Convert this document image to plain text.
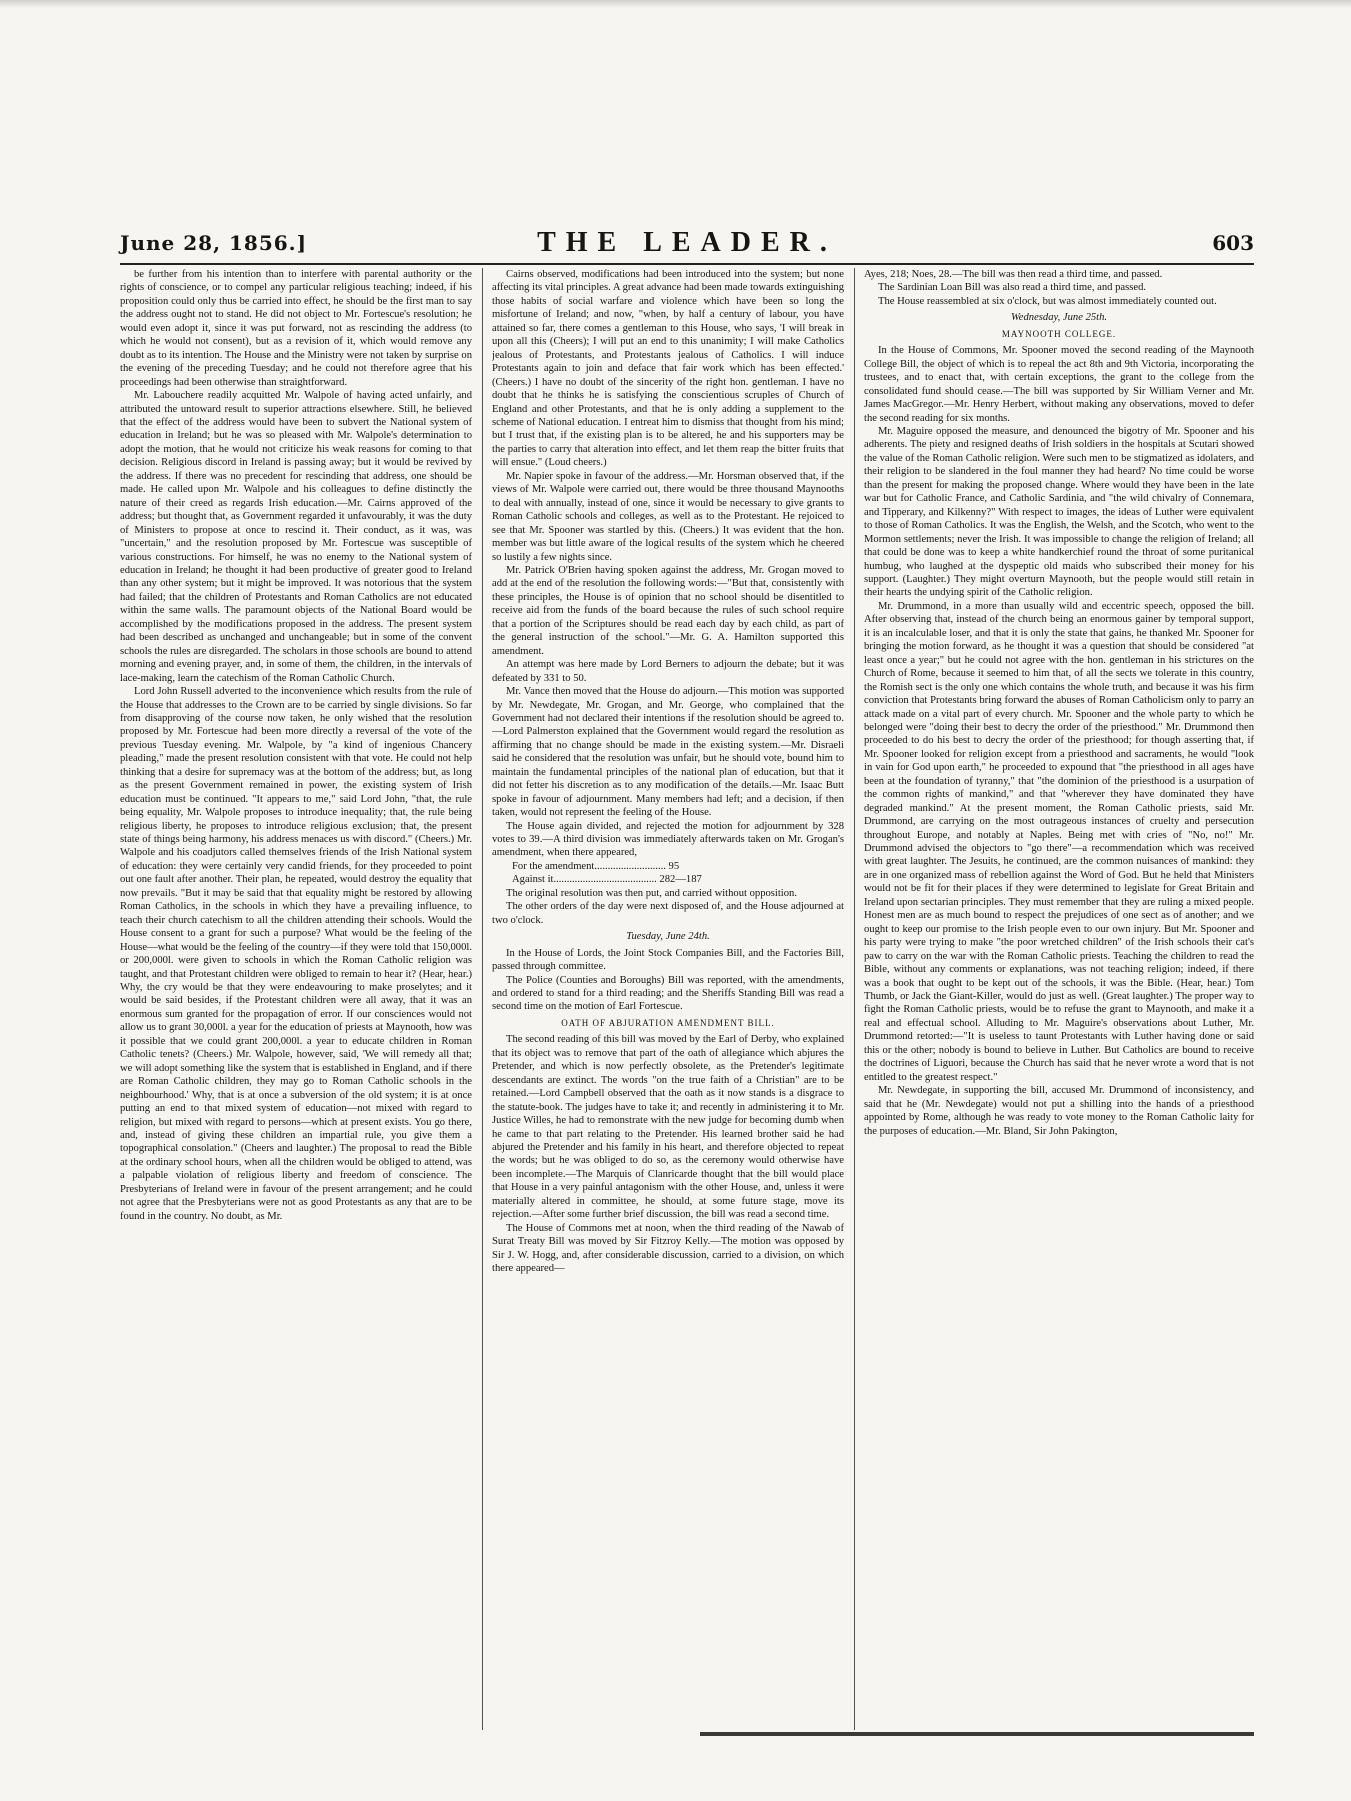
June 28, 1856.]	THE LEADER.	603

be further from his intention than to interfere with parental authority or the rights of conscience, or to compel any particular religious teaching; indeed, if his proposition could only thus be carried into effect, he should be the first man to say the address ought not to stand. He did not object to Mr. Fortescue's resolution; he would even adopt it, since it was put forward, not as rescinding the address (to which he would not consent), but as a revision of it, which would remove any doubt as to its intention. The House and the Ministry were not taken by surprise on the evening of the preceding Tuesday; and he could not therefore agree that his proceedings had been otherwise than straightforward.

Mr. Labouchere readily acquitted Mr. Walpole of having acted unfairly, and attributed the untoward result to superior attractions elsewhere. Still, he believed that the effect of the address would have been to subvert the National system of education in Ireland; but he was so pleased with Mr. Walpole's determination to adopt the motion, that he would not criticize his weak reasons for coming to that decision. Religious discord in Ireland is passing away; but it would be revived by the address. If there was no precedent for rescinding that address, one should be made. He called upon Mr. Walpole and his colleagues to define distinctly the nature of their creed as regards Irish education.—Mr. Cairns approved of the address; but thought that, as Government regarded it unfavourably, it was the duty of Ministers to propose at once to rescind it. Their conduct, as it was, was "uncertain," and the resolution proposed by Mr. Fortescue was susceptible of various constructions. For himself, he was no enemy to the National system of education in Ireland; he thought it had been productive of greater good to Ireland than any other system; but it might be improved. It was notorious that the system had failed; that the children of Protestants and Roman Catholics are not educated within the same walls. The paramount objects of the National Board would be accomplished by the modifications proposed in the address. The present system had been described as unchanged and unchangeable; but in some of the convent schools the rules are disregarded. The scholars in those schools are bound to attend morning and evening prayer, and, in some of them, the children, in the intervals of lace-making, learn the catechism of the Roman Catholic Church.

Lord John Russell adverted to the inconvenience which results from the rule of the House that addresses to the Crown are to be carried by single divisions. So far from disapproving of the course now taken, he only wished that the resolution proposed by Mr. Fortescue had been more directly a reversal of the vote of the previous Tuesday evening. Mr. Walpole, by "a kind of ingenious Chancery pleading," made the present resolution consistent with that vote. He could not help thinking that a desire for supremacy was at the bottom of the address; but, as long as the present Government remained in power, the existing system of Irish education must be continued. "It appears to me," said Lord John, "that, the rule being equality, Mr. Walpole proposes to introduce inequality; that, the rule being religious liberty, he proposes to introduce religious exclusion; that, the present state of things being harmony, his address menaces us with discord." (Cheers.) Mr. Walpole and his coadjutors called themselves friends of the Irish National system of education: they were certainly very candid friends, for they proceeded to point out one fault after another. Their plan, he repeated, would destroy the equality that now prevails. "But it may be said that that equality might be restored by allowing Roman Catholics, in the schools in which they have a prevailing influence, to teach their church catechism to all the children attending their schools. Would the House consent to a grant for such a purpose? What would be the feeling of the House—what would be the feeling of the country—if they were told that 150,000l. or 200,000l. were given to schools in which the Roman Catholic religion was taught, and that Protestant children were obliged to remain to hear it? (Hear, hear.) Why, the cry would be that they were endeavouring to make proselytes; and it would be said besides, if the Protestant children were all away, that it was an enormous sum granted for the propagation of error. If our consciences would not allow us to grant 30,000l. a year for the education of priests at Maynooth, how was it possible that we could grant 200,000l. a year to educate children in Roman Catholic tenets? (Cheers.) Mr. Walpole, however, said, 'We will remedy all that; we will adopt something like the system that is established in England, and if there are Roman Catholic children, they may go to Roman Catholic schools in the neighbourhood.' Why, that is at once a subversion of the old system; it is at once putting an end to that mixed system of education—not mixed with regard to religion, but mixed with regard to persons—which at present exists. You go there, and, instead of giving these children an impartial rule, you give them a topographical consolation." (Cheers and laughter.) The proposal to read the Bible at the ordinary school hours, when all the children would be obliged to attend, was a palpable violation of religious liberty and freedom of conscience. The Presbyterians of Ireland were in favour of the present arrangement; and he could not agree that the Presbyterians were not as good Protestants as any that are to be found in the country. No doubt, as Mr.

Cairns observed, modifications had been introduced into the system; but none affecting its vital principles. A great advance had been made towards extinguishing those habits of social warfare and violence which have been so long the misfortune of Ireland; and now, "when, by half a century of labour, you have attained so far, there comes a gentleman to this House, who says, 'I will break in upon all this (Cheers); I will put an end to this unanimity; I will make Catholics jealous of Protestants, and Protestants jealous of Catholics. I will induce Protestants again to join and deface that fair work which has been effected.' (Cheers.) I have no doubt of the sincerity of the right hon. gentleman. I have no doubt that he thinks he is satisfying the conscientious scruples of Church of England and other Protestants, and that he is only adding a supplement to the scheme of National education. I entreat him to dismiss that thought from his mind; but I trust that, if the existing plan is to be altered, he and his supporters may be the parties to carry that alteration into effect, and let them reap the bitter fruits that will ensue." (Loud cheers.)

Mr. Napier spoke in favour of the address.—Mr. Horsman observed that, if the views of Mr. Walpole were carried out, there would be three thousand Maynooths to deal with annually, instead of one, since it would be necessary to give grants to Roman Catholic schools and colleges, as well as to the Protestant. He rejoiced to see that Mr. Spooner was startled by this. (Cheers.) It was evident that the hon. member was but little aware of the logical results of the system which he cheered so lustily a few nights since.

Mr. Patrick O'Brien having spoken against the address, Mr. Grogan moved to add at the end of the resolution the following words:—"But that, consistently with these principles, the House is of opinion that no school should be disentitled to receive aid from the funds of the board because the rules of such school require that a portion of the Scriptures should be read each day by each child, as part of the general instruction of the school."—Mr. G. A. Hamilton supported this amendment.

An attempt was here made by Lord Berners to adjourn the debate; but it was defeated by 331 to 50.

Mr. Vance then moved that the House do adjourn.—This motion was supported by Mr. Newdegate, Mr. Grogan, and Mr. George, who complained that the Government had not declared their intentions if the resolution should be agreed to.—Lord Palmerston explained that the Government would regard the resolution as affirming that no change should be made in the existing system.—Mr. Disraeli said he considered that the resolution was unfair, but he should vote, bound him to maintain the fundamental principles of the national plan of education, but that it did not fetter his discretion as to any modification of the details.—Mr. Isaac Butt spoke in favour of adjournment. Many members had left; and a decision, if then taken, would not represent the feeling of the House.

The House again divided, and rejected the motion for adjournment by 328 votes to 39.—A third division was immediately afterwards taken on Mr. Grogan's amendment, when there appeared,

For the amendment........................... 95

Against it....................................... 282—187

The original resolution was then put, and carried without opposition.

The other orders of the day were next disposed of, and the House adjourned at two o'clock.

Tuesday, June 24th.

In the House of Lords, the Joint Stock Companies Bill, and the Factories Bill, passed through committee.

The Police (Counties and Boroughs) Bill was reported, with the amendments, and ordered to stand for a third reading; and the Sheriffs Standing Bill was read a second time on the motion of Earl Fortescue.

OATH OF ABJURATION AMENDMENT BILL.

The second reading of this bill was moved by the Earl of Derby, who explained that its object was to remove that part of the oath of allegiance which abjures the Pretender, and which is now perfectly obsolete, as the Pretender's legitimate descendants are extinct. The words "on the true faith of a Christian" are to be retained.—Lord Campbell observed that the oath as it now stands is a disgrace to the statute-book. The judges have to take it; and recently in administering it to Mr. Justice Willes, he had to remonstrate with the new judge for becoming dumb when he came to that part relating to the Pretender. His learned brother said he had abjured the Pretender and his family in his heart, and therefore objected to repeat the words; but he was obliged to do so, as the ceremony would otherwise have been incomplete.—The Marquis of Clanricarde thought that the bill would place that House in a very painful antagonism with the other House, and, unless it were materially altered in committee, he should, at some future stage, move its rejection.—After some further brief discussion, the bill was read a second time.

The House of Commons met at noon, when the third reading of the Nawab of Surat Treaty Bill was moved by Sir Fitzroy Kelly.—The motion was opposed by Sir J. W. Hogg, and, after considerable discussion, carried to a division, on which there appeared—

Ayes, 218; Noes, 28.—The bill was then read a third time, and passed.

The Sardinian Loan Bill was also read a third time, and passed.

The House reassembled at six o'clock, but was almost immediately counted out.

Wednesday, June 25th.

MAYNOOTH COLLEGE.

In the House of Commons, Mr. Spooner moved the second reading of the Maynooth College Bill, the object of which is to repeal the act 8th and 9th Victoria, incorporating the trustees, and to enact that, with certain exceptions, the grant to the college from the consolidated fund should cease.—The bill was supported by Sir William Verner and Mr. James MacGregor.—Mr. Henry Herbert, without making any observations, moved to defer the second reading for six months.

Mr. Maguire opposed the measure, and denounced the bigotry of Mr. Spooner and his adherents. The piety and resigned deaths of Irish soldiers in the hospitals at Scutari showed the value of the Roman Catholic religion. Were such men to be stigmatized as idolaters, and their religion to be slandered in the foul manner they had heard? No time could be worse than the present for making the proposed change. Where would they have been in the late war but for Catholic France, and Catholic Sardinia, and "the wild chivalry of Connemara, and Tipperary, and Kilkenny?" With respect to images, the ideas of Luther were equivalent to those of Roman Catholics. It was the English, the Welsh, and the Scotch, who went to the Mormon settlements; never the Irish. It was impossible to change the religion of Ireland; all that could be done was to keep a white handkerchief round the throat of some puritanical humbug, who laughed at the dyspeptic old maids who subscribed their money for his support. (Laughter.) They might overturn Maynooth, but the people would still retain in their hearts the undying spirit of the Catholic religion.

Mr. Drummond, in a more than usually wild and eccentric speech, opposed the bill. After observing that, instead of the church being an enormous gainer by temporal support, it is an incalculable loser, and that it is only the state that gains, he thanked Mr. Spooner for bringing the motion forward, as he thought it was a question that should be considered "at least once a year;" but he could not agree with the hon. gentleman in his strictures on the Church of Rome, because it seemed to him that, of all the sects we tolerate in this country, the Romish sect is the only one which contains the whole truth, and because it was his firm conviction that Protestants bring forward the abuses of Roman Catholicism only to parry an attack made on a vital part of every church. Mr. Spooner and the whole party to which he belonged were "doing their best to decry the order of the priesthood." Mr. Drummond then proceeded to do his best to decry the order of the priesthood; for though asserting that, if Mr. Spooner looked for religion except from a priesthood and sacraments, he would "look in vain for God upon earth," he proceeded to expound that "the priesthood in all ages have been at the foundation of tyranny," that "the dominion of the priesthood is a usurpation of the common rights of mankind," and that "wherever they have dominated they have degraded mankind." At the present moment, the Roman Catholic priests, said Mr. Drummond, are carrying on the most outrageous instances of cruelty and persecution throughout Europe, and notably at Naples. Being met with cries of "No, no!" Mr. Drummond advised the objectors to "go there"—a recommendation which was received with great laughter. The Jesuits, he continued, are the common nuisances of mankind: they are in one organized mass of rebellion against the Word of God. But he held that Ministers would not be fit for their places if they were determined to legislate for Great Britain and Ireland upon sectarian principles. They must remember that they are ruling a mixed people. Honest men are as much bound to respect the prejudices of one sect as of another; and we ought to keep our promise to the Irish people even to our own injury. But Mr. Spooner and his party were trying to make "the poor wretched children" of the Irish schools their cat's paw to carry on the war with the Roman Catholic priests. Teaching the children to read the Bible, without any comments or explanations, was not teaching religion; indeed, if there was a book that ought to be kept out of the schools, it was the Bible. (Hear, hear.) Tom Thumb, or Jack the Giant-Killer, would do just as well. (Great laughter.) The proper way to fight the Roman Catholic priests, would be to refuse the grant to Maynooth, and make it a real and effectual school. Alluding to Mr. Maguire's observations about Luther, Mr. Drummond retorted:—"It is useless to taunt Protestants with Luther having done or said this or the other; nobody is bound to believe in Luther. But Catholics are bound to receive the doctrines of Liguori, because the Church has said that he never wrote a word that is not entitled to the greatest respect."

Mr. Newdegate, in supporting the bill, accused Mr. Drummond of inconsistency, and said that he (Mr. Newdegate) would not put a shilling into the hands of a priesthood appointed by Rome, although he was ready to vote money to the Roman Catholic laity for the purposes of education.—Mr. Bland, Sir John Pakington,
